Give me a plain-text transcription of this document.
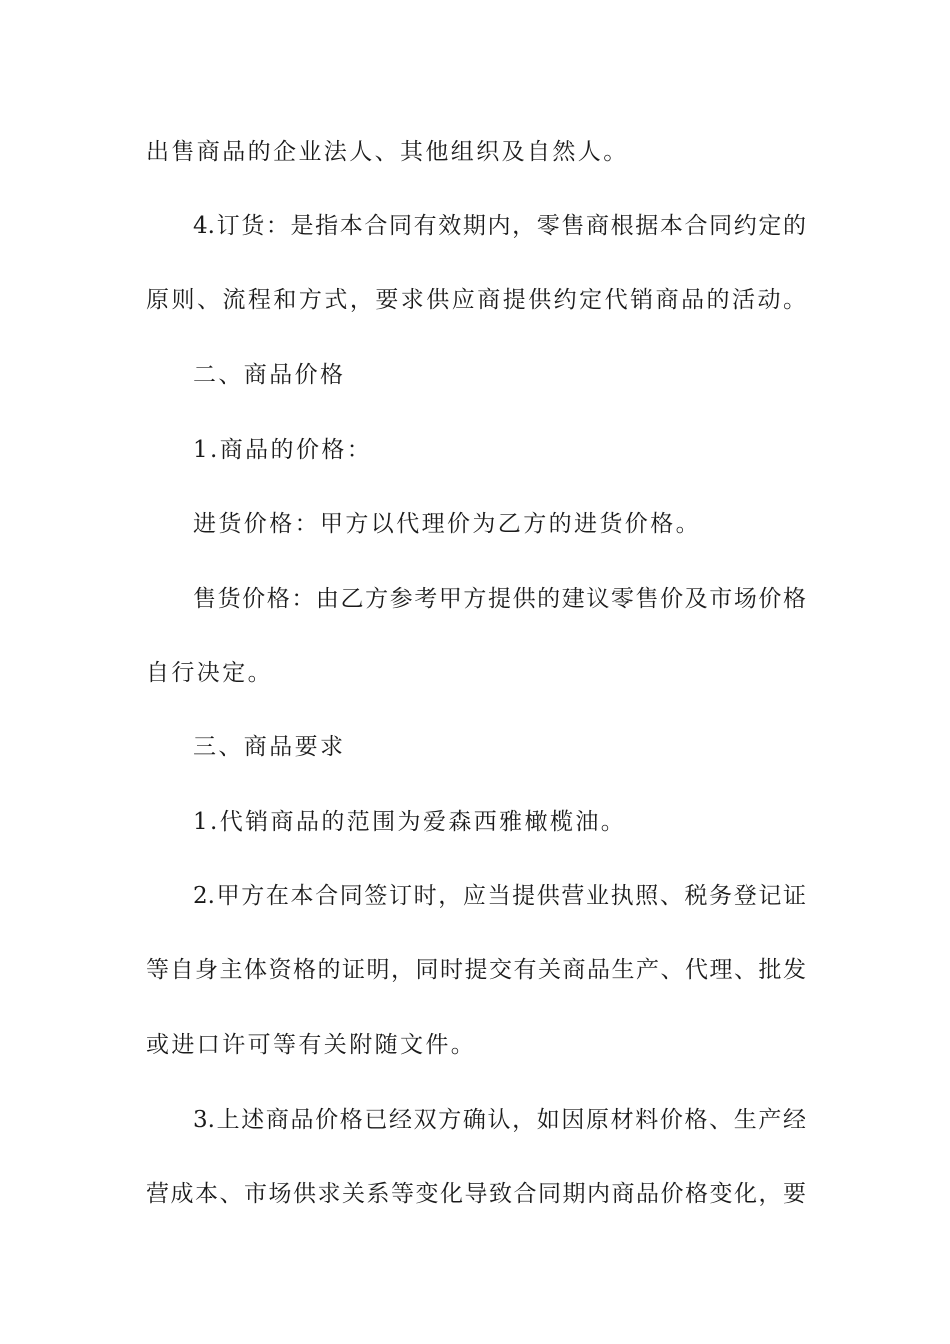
出售商品的企业法人、其他组织及自然人。
4.订货：是指本合同有效期内，零售商根据本合同约定的
原则、流程和方式，要求供应商提供约定代销商品的活动。
二、商品价格
1.商品的价格：
进货价格：甲方以代理价为乙方的进货价格。
售货价格：由乙方参考甲方提供的建议零售价及市场价格
自行决定。
三、商品要求
1.代销商品的范围为爱森西雅橄榄油。
2.甲方在本合同签订时，应当提供营业执照、税务登记证
等自身主体资格的证明，同时提交有关商品生产、代理、批发
或进口许可等有关附随文件。
3.上述商品价格已经双方确认，如因原材料价格、生产经
营成本、市场供求关系等变化导致合同期内商品价格变化，要
